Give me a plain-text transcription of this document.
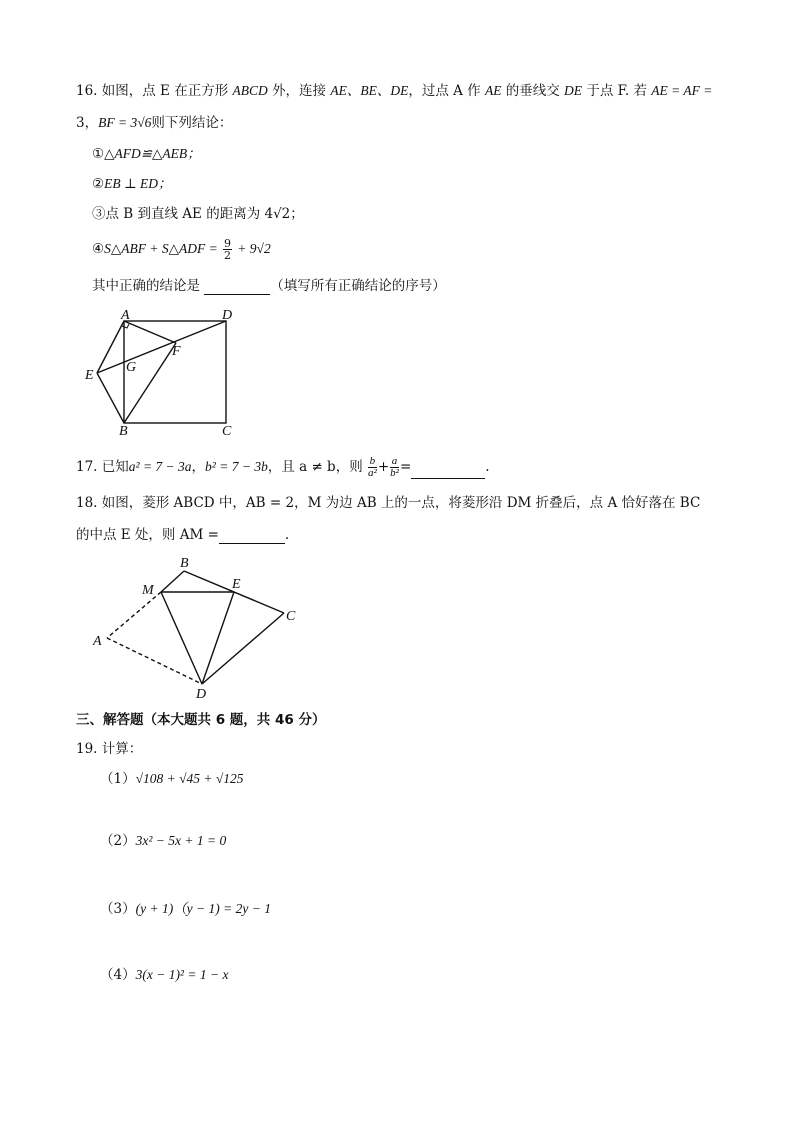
16. 如图，点 E 在正方形 ABCD 外，连接 AE、BE、DE，过点 A 作 AE 的垂线交 DE 于点 F. 若 AE = AF =
3，BF = 3√6则下列结论：
①△AFD≌△AEB；
②EB ⊥ ED；
③点 B 到直线 AE 的距离为 4√2；
④S△ABF + S△ADF = $\frac{9}{2} + 9√2$
其中正确的结论是	（填写所有正确结论的序号）
A	D
F
E
G
B	C
17. 已知a² = 7 − 3a，b² = 7 − 3b，且 a ≠ b，则 $\frac{b}{\text{a²}} + \frac{a}{\text{b²}}$ =	.
18. 如图，菱形 ABCD 中，AB = 2，M 为边 AB 上的一点，将菱形沿 DM 折叠后，点 A 恰好落在 BC
的中点 E 处，则 AM =	.
B
M	E
C
A
D
三、解答题（本大题共 6 题，共 46 分）
19. 计算：
（1）√108 + √45 + √125
（2）3x² − 5x + 1 = 0
（3）(y + 1)（y − 1) = 2y − 1
（4）3(x − 1)² = 1 − x
